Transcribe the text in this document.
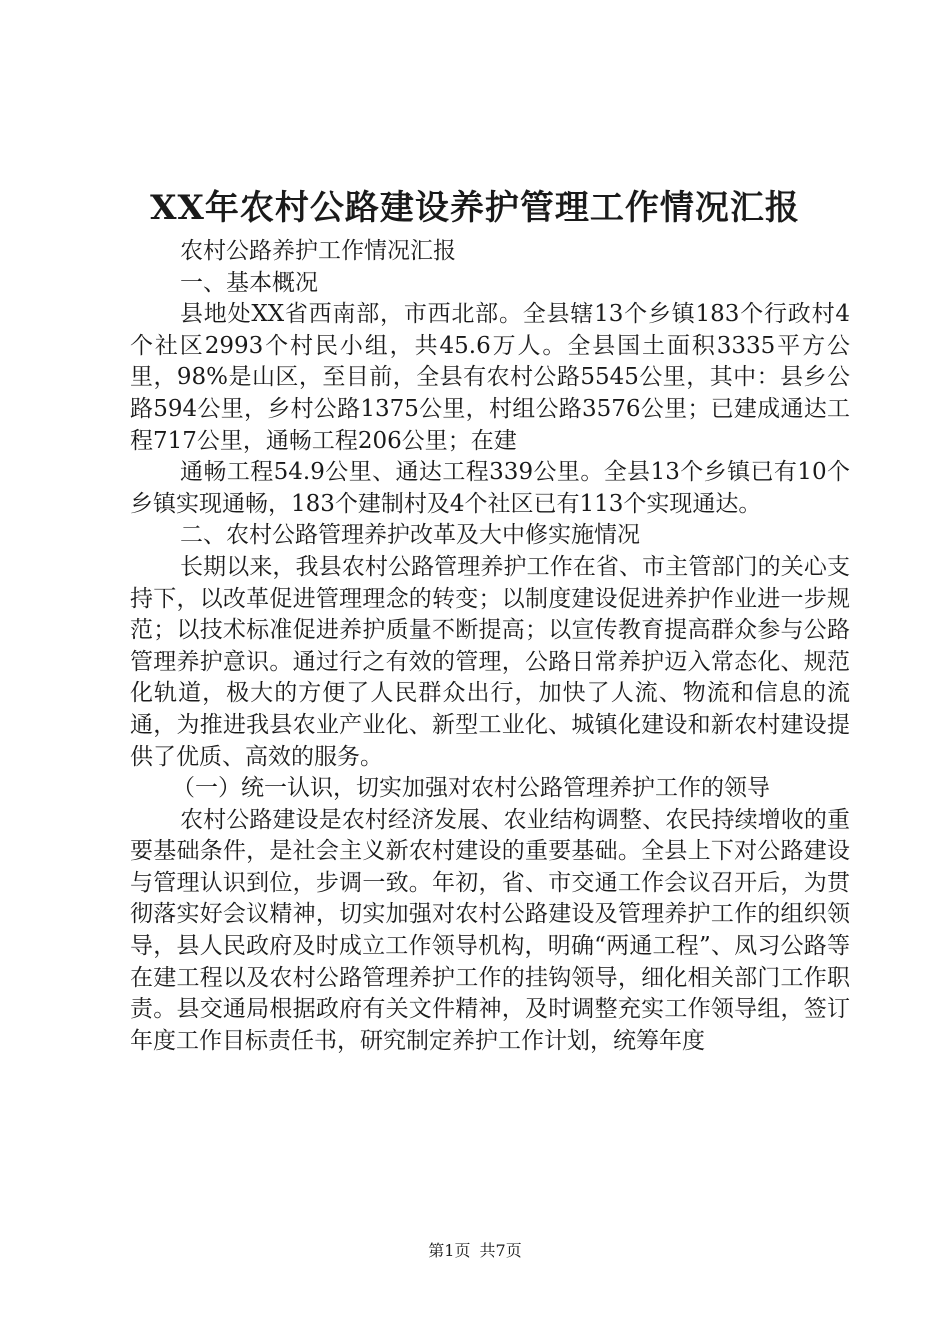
XX年农村公路建设养护管理工作情况汇报

农村公路养护工作情况汇报

一、基本概况

县地处XX省西南部，市西北部。全县辖13个乡镇183个行政村4个社区2993个村民小组，共45.6万人。全县国土面积3335平方公里，98%是山区，至目前，全县有农村公路5545公里，其中：县乡公路594公里，乡村公路1375公里，村组公路3576公里；已建成通达工程717公里，通畅工程206公里；在建

通畅工程54.9公里、通达工程339公里。全县13个乡镇已有10个乡镇实现通畅，183个建制村及4个社区已有113个实现通达。

二、农村公路管理养护改革及大中修实施情况

长期以来，我县农村公路管理养护工作在省、市主管部门的关心支持下，以改革促进管理理念的转变；以制度建设促进养护作业进一步规范；以技术标准促进养护质量不断提高；以宣传教育提高群众参与公路管理养护意识。通过行之有效的管理，公路日常养护迈入常态化、规范化轨道，极大的方便了人民群众出行，加快了人流、物流和信息的流通，为推进我县农业产业化、新型工业化、城镇化建设和新农村建设提供了优质、高效的服务。

（一）统一认识，切实加强对农村公路管理养护工作的领导

农村公路建设是农村经济发展、农业结构调整、农民持续增收的重要基础条件，是社会主义新农村建设的重要基础。全县上下对公路建设与管理认识到位，步调一致。年初，省、市交通工作会议召开后，为贯彻落实好会议精神，切实加强对农村公路建设及管理养护工作的组织领导，县人民政府及时成立工作领导机构，明确“两通工程”、凤习公路等在建工程以及农村公路管理养护工作的挂钩领导，细化相关部门工作职责。县交通局根据政府有关文件精神，及时调整充实工作领导组，签订年度工作目标责任书，研究制定养护工作计划，统筹年度

第1页 共7页
